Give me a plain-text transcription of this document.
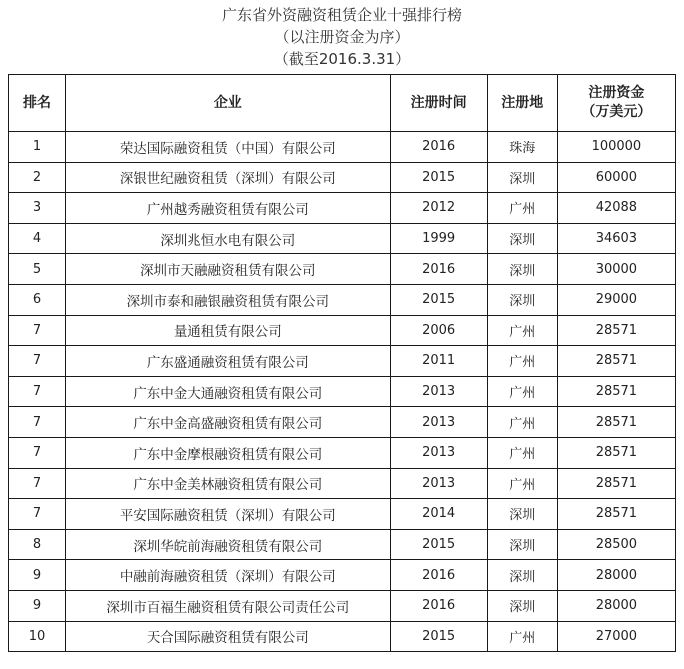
广东省外资融资租赁企业十强排行榜
（以注册资金为序）
（截至2016.3.31）
排名	企业	注册时间	注册地	注册资金
（万美元）
1	荣达国际融资租赁（中国）有限公司	2016	珠海	100000
2	深银世纪融资租赁（深圳）有限公司	2015	深圳	60000
3	广州越秀融资租赁有限公司	2012	广州	42088
4	深圳兆恒水电有限公司	1999	深圳	34603
5	深圳市天融融资租赁有限公司	2016	深圳	30000
6	深圳市泰和融银融资租赁有限公司	2015	深圳	29000
7	量通租赁有限公司	2006	广州	28571
7	广东盛通融资租赁有限公司	2011	广州	28571
7	广东中金大通融资租赁有限公司	2013	广州	28571
7	广东中金高盛融资租赁有限公司	2013	广州	28571
7	广东中金摩根融资租赁有限公司	2013	广州	28571
7	广东中金美林融资租赁有限公司	2013	广州	28571
7	平安国际融资租赁（深圳）有限公司	2014	深圳	28571
8	深圳华皖前海融资租赁有限公司	2015	深圳	28500
9	中融前海融资租赁（深圳）有限公司	2016	深圳	28000
9	深圳市百福生融资租赁有限公司责任公司	2016	深圳	28000
10	天合国际融资租赁有限公司	2015	广州	27000
